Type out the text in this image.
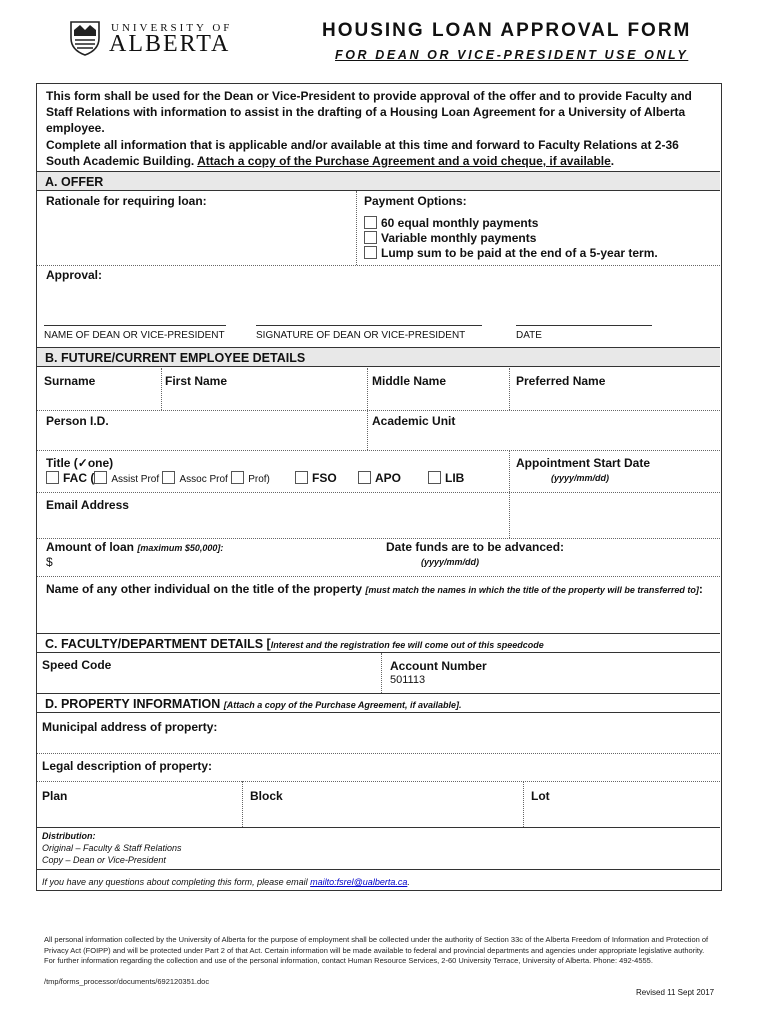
UNIVERSITY OF
ALBERTA
HOUSING LOAN APPROVAL FORM
FOR DEAN OR VICE-PRESIDENT USE ONLY
This form shall be used for the Dean or Vice-President to provide approval of the offer and to provide Faculty and Staff Relations with information to assist in the drafting of a Housing Loan Agreement for a University of Alberta employee.
Complete all information that is applicable and/or available at this time and forward to Faculty Relations at 2-36 South Academic Building. Attach a copy of the Purchase Agreement and a void cheque, if available.
A. OFFER
Rationale for requiring loan:	Payment Options:
60 equal monthly payments
Variable monthly payments
Lump sum to be paid at the end of a 5-year term.
Approval:
NAME OF DEAN OR VICE-PRESIDENT	SIGNATURE OF DEAN OR VICE-PRESIDENT	DATE
B. FUTURE/CURRENT EMPLOYEE DETAILS
Surname	First Name	Middle Name	Preferred Name
Person I.D.	Academic Unit
Title (✓one)
FAC ( Assist Prof Assoc Prof Prof)	FSO	APO	LIB
Appointment Start Date
(yyyy/mm/dd)
Email Address
Amount of loan [maximum $50,000]:
$
Date funds are to be advanced:
(yyyy/mm/dd)
Name of any other individual on the title of the property [must match the names in which the title of the property will be transferred to]:
C. FACULTY/DEPARTMENT DETAILS [Interest and the registration fee will come out of this speedcode
Speed Code	Account Number
501113
D. PROPERTY INFORMATION [Attach a copy of the Purchase Agreement, if available].
Municipal address of property:
Legal description of property:
Plan	Block	Lot
Distribution:
Original – Faculty & Staff Relations
Copy – Dean or Vice-President
If you have any questions about completing this form, please email mailto:fsrel@ualberta.ca.
All personal information collected by the University of Alberta for the purpose of employment shall be collected under the authority of Section 33c of the Alberta Freedom of Information and Protection of Privacy Act (FOIPP) and will be protected under Part 2 of that Act. Certain information will be made available to federal and provincial departments and agencies under appropriate legislative authority. For further information regarding the collection and use of the personal information, contact Human Resource Services, 2-60 University Terrace, University of Alberta. Phone: 492-4555.
/tmp/forms_processor/documents/692120351.doc
Revised 11 Sept 2017
